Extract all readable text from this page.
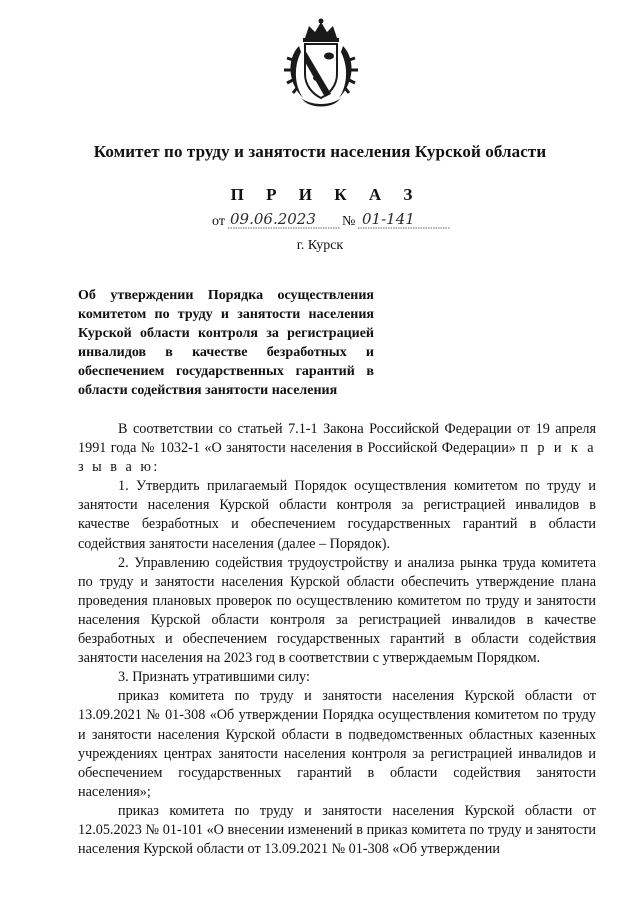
Комитет по труду и занятости населения Курской области
П Р И К А З
от 09.06.2023 № 01-141
г. Курск
Об утверждении Порядка осуществления
комитетом по труду и занятости населения
Курской области контроля за регистрацией
инвалидов в качестве безработных и
обеспечением государственных гарантий в
области содействия занятости населения

В соответствии со статьей 7.1-1 Закона Российской Федерации от 19 апреля 1991 года № 1032-1 «О занятости населения в Российской Федерации» п р и к а з ы в а ю:

1. Утвердить прилагаемый Порядок осуществления комитетом по труду и занятости населения Курской области контроля за регистрацией инвалидов в качестве безработных и обеспечением государственных гарантий в области содействия занятости населения (далее – Порядок).

2. Управлению содействия трудоустройству и анализа рынка труда комитета по труду и занятости населения Курской области обеспечить утверждение плана проведения плановых проверок по осуществлению комитетом по труду и занятости населения Курской области контроля за регистрацией инвалидов в качестве безработных и обеспечением государственных гарантий в области содействия занятости населения на 2023 год в соответствии с утверждаемым Порядком.

3. Признать утратившими силу:

приказ комитета по труду и занятости населения Курской области от 13.09.2021 № 01-308 «Об утверждении Порядка осуществления комитетом по труду и занятости населения Курской области в подведомственных областных казенных учреждениях центрах занятости населения контроля за регистрацией инвалидов и обеспечением государственных гарантий в области содействия занятости населения»;

приказ комитета по труду и занятости населения Курской области от 12.05.2023 № 01-101 «О внесении изменений в приказ комитета по труду и занятости населения Курской области от 13.09.2021 № 01-308 «Об утверждении
